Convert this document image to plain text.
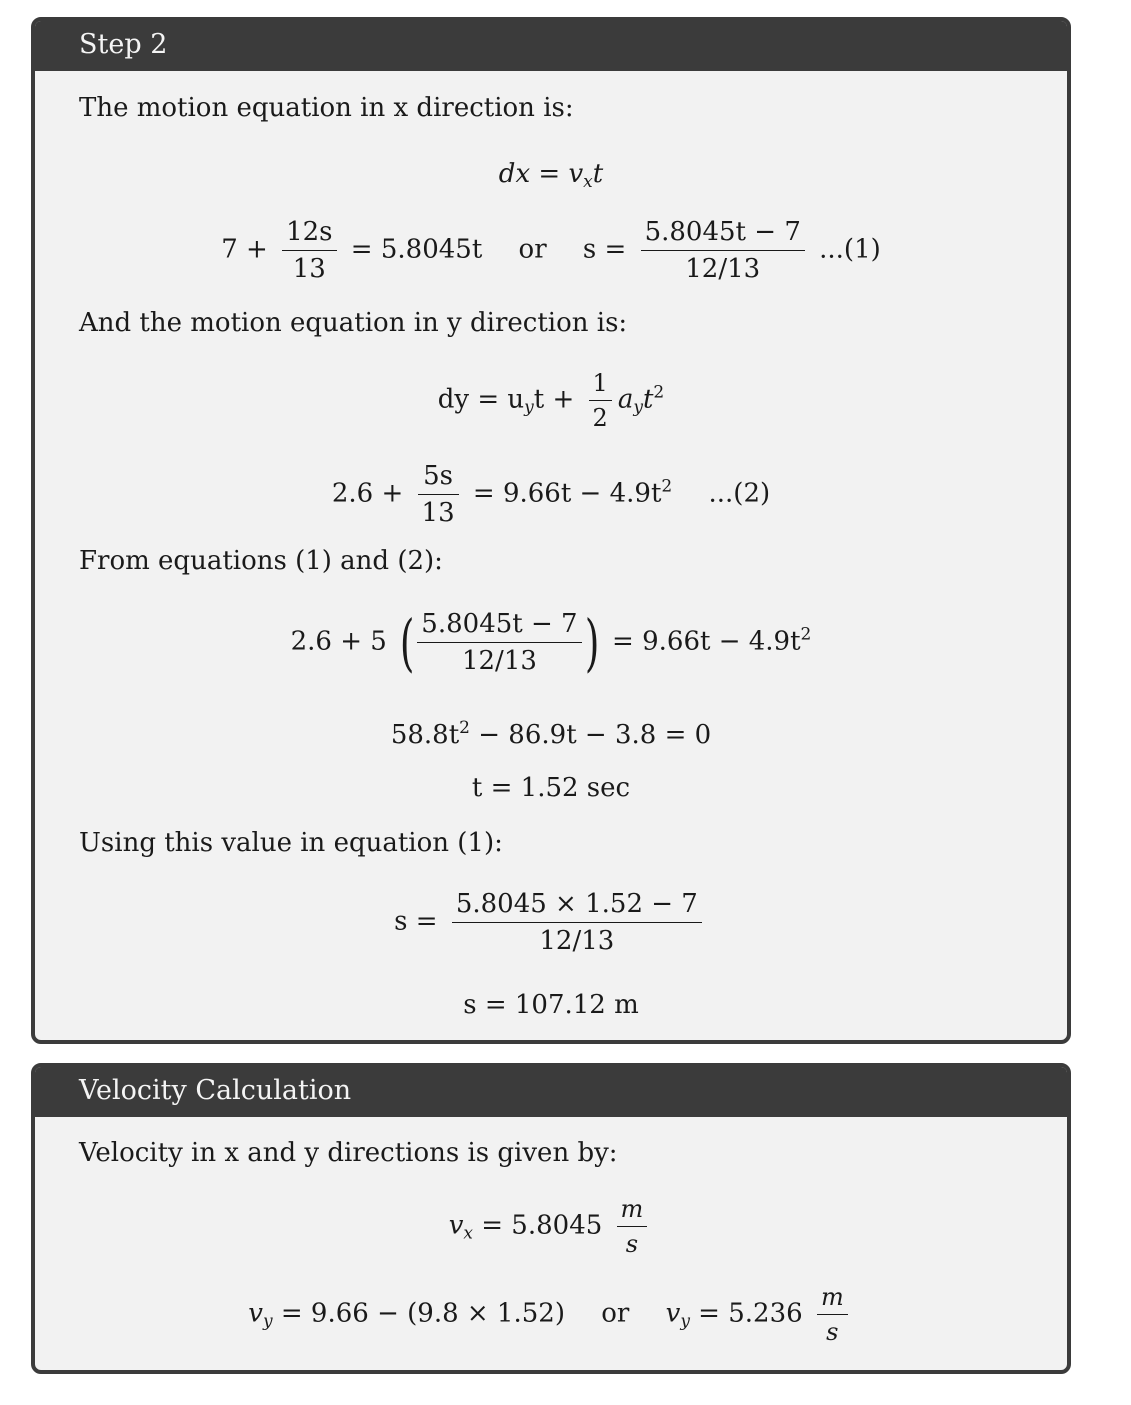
Step 2
The motion equation in x direction is:
dx = $v_xt$
$7 + \frac{12s}{13} = 5.8045t$ or $s = \frac{5.8045t - 7}{12/13} ...(1)$
And the motion equation in y direction is:
dy = $u_yt + \frac{1}{2} a_yt^2$
$2.6 + \frac{5s}{13} = 9.66t - 4.9t^2$ ...(2)
From equations (1) and (2):
2.6 + 5 ( $\frac{5.8045t - 7}{12/13}$ ) = $9.66t - 4.9t^2$
$58.8t^2 - 86.9t - 3.8 = 0$
t = 1.52 sec
Using this value in equation (1):
$s = \frac{5.8045 \times 1.52 - 7}{12/13}$
s = 107.12 m
Velocity Calculation
Velocity in x and y directions is given by:
$v_x = 5.8045 \frac{m}{s}$
$v_y = 9.66 - (9.8 \times 1.52)$ or $v_y = 5.236 \frac{m}{s}$
